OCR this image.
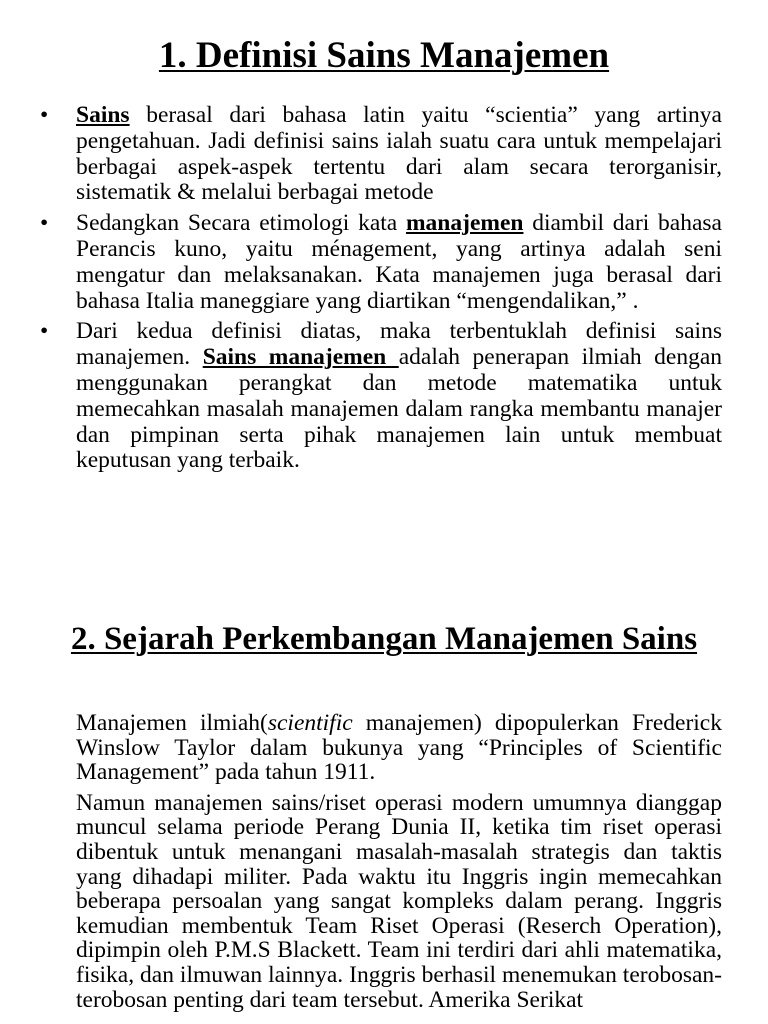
1. Definisi Sains Manajemen
•	Sains berasal dari bahasa latin yaitu “scientia” yang artinya pengetahuan. Jadi definisi sains ialah suatu cara untuk mempelajari berbagai aspek-aspek tertentu dari alam secara terorganisir, sistematik & melalui berbagai metode
•	Sedangkan Secara etimologi kata manajemen diambil dari bahasa Perancis kuno, yaitu ménagement, yang artinya adalah seni mengatur dan melaksanakan. Kata manajemen juga berasal dari bahasa Italia maneggiare yang diartikan “mengendalikan,” .
•	Dari kedua definisi diatas, maka terbentuklah definisi sains manajemen. Sains manajemen adalah penerapan ilmiah dengan menggunakan perangkat dan metode matematika untuk memecahkan masalah manajemen dalam rangka membantu manajer dan pimpinan serta pihak manajemen lain untuk membuat keputusan yang terbaik.
2. Sejarah Perkembangan Manajemen Sains

Manajemen ilmiah(scientific manajemen) dipopulerkan Frederick Winslow Taylor dalam bukunya yang “Principles of Scientific Management” pada tahun 1911.

Namun manajemen sains/riset operasi modern umumnya dianggap muncul selama periode Perang Dunia II, ketika tim riset operasi dibentuk untuk menangani masalah-masalah strategis dan taktis yang dihadapi militer. Pada waktu itu Inggris ingin memecahkan beberapa persoalan yang sangat kompleks dalam perang. Inggris kemudian membentuk Team Riset Operasi (Reserch Operation), dipimpin oleh P.M.S Blackett. Team ini terdiri dari ahli matematika, fisika, dan ilmuwan lainnya. Inggris berhasil menemukan terobosan-terobosan penting dari team tersebut. Amerika Serikat
